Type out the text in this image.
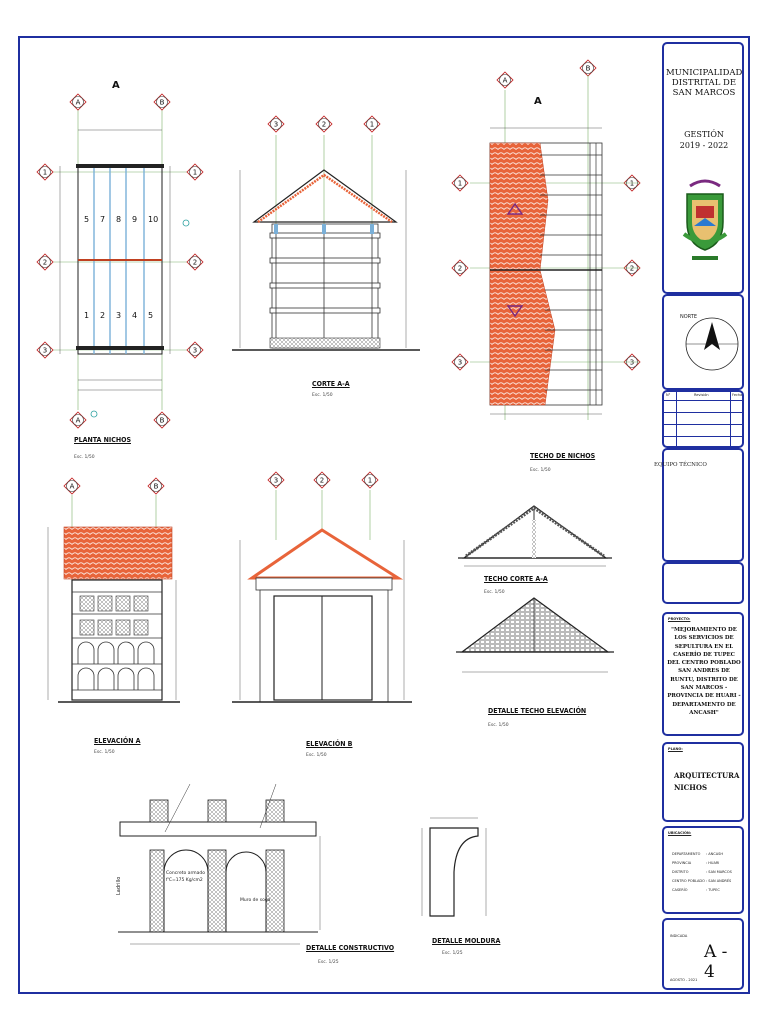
5 7 8 9 10
1 2 3 4 5
A
A	B
A	B
1
2
3
1
2
3
3	2	1
A
B
1
2
3
1
2
3
A	B
3	2	1
A
Ladrillo
PLANTA NICHOS
Esc. 1/50
CORTE A-A
Esc. 1/50
TECHO DE NICHOS
Esc. 1/50
ELEVACIÓN A
Esc. 1/50
ELEVACIÓN B
Esc. 1/50
TECHO CORTE A-A
Esc. 1/50
DETALLE TECHO ELEVACIÓN
Esc. 1/50
DETALLE CONSTRUCTIVO
Esc. 1/25
DETALLE MOLDURA
Esc. 1/25
Concreto armado
f'C=175 Kg/cm2
Muro de soga
MUNICIPALIDAD DISTRITAL DE SAN MARCOS
GESTIÓN
2019 - 2022
NORTE
N°	Revisión	Fecha
EQUIPO TÉCNICO
PROYECTO:
"MEJORAMIENTO DE LOS SERVICIOS DE SEPULTURA EN EL CASERÍO DE TUPEC DEL CENTRO POBLADO SAN ANDRES DE RUNTU, DISTRITO DE SAN MARCOS - PROVINCIA DE HUARI - DEPARTAMENTO DE ANCASH"
PLANO:
ARQUITECTURA NICHOS
UBICACIÓN:
DEPARTAMENTO	: ANCASH
PROVINCIA	: HUARI
DISTRITO	: SAN MARCOS
CENTRO POBLADO : SAN ANDRÉS
CASERÍO	: TUPEC
INDICADA
A - 4
AGOSTO - 2021
